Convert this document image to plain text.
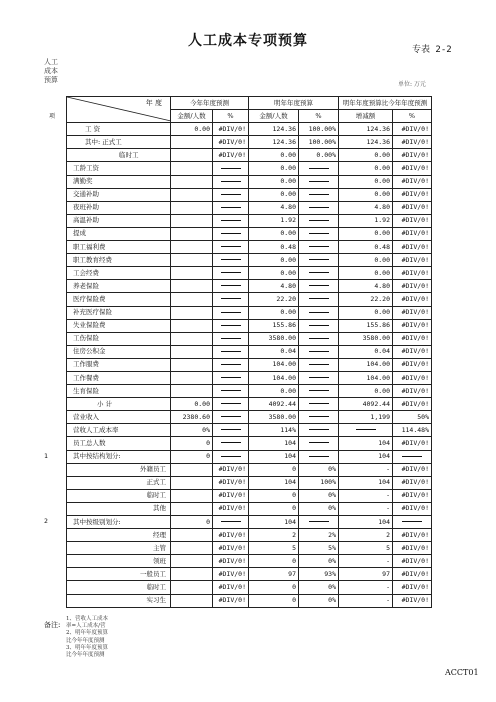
人工成本专项预算
专表 2-2
人工 成本 预算
单位: 万元
年 度
项	今年年度预测		明年年度预算		明年年度预算比今年年度预测	
	金额/人数	%	金额/人数	%	增减额	%
工 资	0.00	#DIV/0!	124.36	100.00%	124.36	#DIV/0!
其中: 正式工		#DIV/0!	124.36	100.00%	124.36	#DIV/0!
临时工		#DIV/0!	0.00	0.00%	0.00	#DIV/0!
工龄工资			0.00		0.00	#DIV/0!
满勤奖			0.00		0.00	#DIV/0!
交通补助			0.00		0.00	#DIV/0!
夜班补助			4.80		4.80	#DIV/0!
高温补助			1.92		1.92	#DIV/0!
提成			0.00		0.00	#DIV/0!
职工福利费			0.48		0.48	#DIV/0!
职工教育经费			0.00		0.00	#DIV/0!
工会经费			0.00		0.00	#DIV/0!
养老保险			4.80		4.80	#DIV/0!
医疗保险费			22.20		22.20	#DIV/0!
补充医疗保险			0.00		0.00	#DIV/0!
失业保险费			155.86		155.86	#DIV/0!
工伤保险			3580.00		3580.00	#DIV/0!
住房公积金			0.04		0.04	#DIV/0!
工作服费			104.00		104.00	#DIV/0!
工作餐费			104.00		104.00	#DIV/0!
生育保险			0.00		0.00	#DIV/0!
小 计	0.00		4092.44		4092.44	#DIV/0!
营业收入	2380.60		3580.00		1,199	50%
营收人工成本率	0%		114%			114.48%
员工总人数	0		104		104	#DIV/0!
其中按结构划分:	0		104		104	
外籍员工		#DIV/0!	0	0%	-	#DIV/0!
正式工		#DIV/0!	104	100%	104	#DIV/0!
临时工		#DIV/0!	0	0%	-	#DIV/0!
其他		#DIV/0!	0	0%	-	#DIV/0!
其中按级别划分:	0		104		104	
经理		#DIV/0!	2	2%	2	#DIV/0!
主管		#DIV/0!	5	5%	5	#DIV/0!
领班		#DIV/0!	0	0%	-	#DIV/0!
一般员工		#DIV/0!	97	93%	97	#DIV/0!
临时工		#DIV/0!	0	0%	-	#DIV/0!
实习生		#DIV/0!	0	0%	-	#DIV/0!
备注:
1、营收人工成本
率=人工成本/营
2、明年年度预算
比今年年度预测
3、明年年度预算
比今年年度预测
ACCT01
1
2
